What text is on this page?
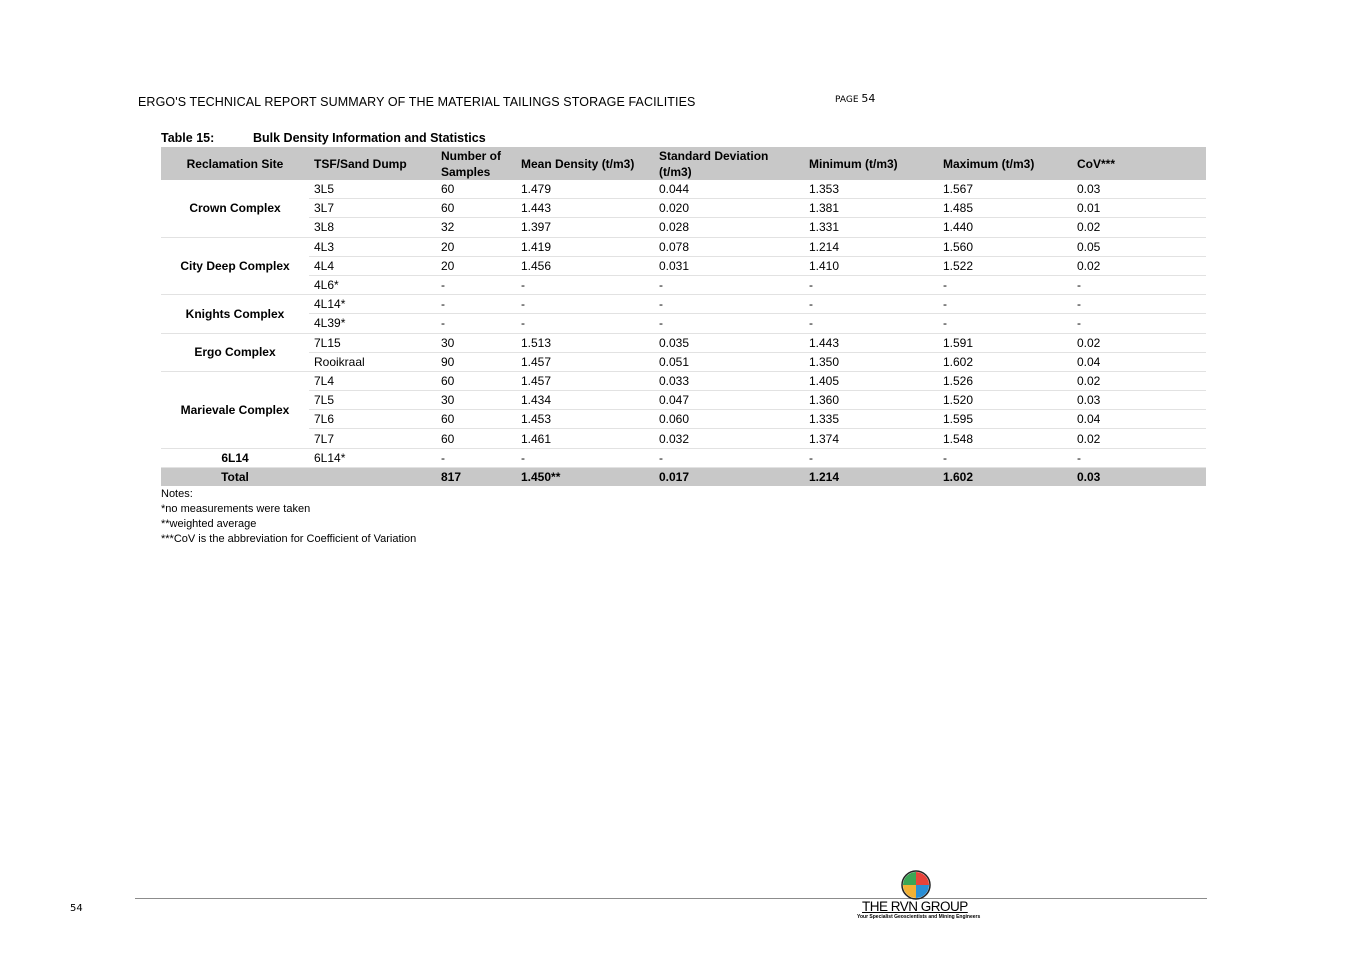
ERGO'S TECHNICAL REPORT SUMMARY OF THE MATERIAL TAILINGS STORAGE FACILITIES	PAGE 54
Table 15:	Bulk Density Information and Statistics
Reclamation Site	TSF/Sand Dump	Number of Samples	Mean Density (t/m3)	Standard Deviation (t/m3)	Minimum (t/m3)	Maximum (t/m3)	CoV***
Crown Complex	3L5	60	1.479	0.044	1.353	1.567	0.03
	3L7	60	1.443	0.020	1.381	1.485	0.01
	3L8	32	1.397	0.028	1.331	1.440	0.02
City Deep Complex	4L3	20	1.419	0.078	1.214	1.560	0.05
	4L4	20	1.456	0.031	1.410	1.522	0.02
	4L6*	-	-	-	-	-	-
Knights Complex	4L14*	-	-	-	-	-	-
	4L39*	-	-	-	-	-	-
Ergo Complex	7L15	30	1.513	0.035	1.443	1.591	0.02
	Rooikraal	90	1.457	0.051	1.350	1.602	0.04
Marievale Complex	7L4	60	1.457	0.033	1.405	1.526	0.02
	7L5	30	1.434	0.047	1.360	1.520	0.03
	7L6	60	1.453	0.060	1.335	1.595	0.04
	7L7	60	1.461	0.032	1.374	1.548	0.02
6L14	6L14*	-	-	-	-	-	-
Total		817	1.450**	0.017	1.214	1.602	0.03
Notes:
*no measurements were taken
**weighted average
***CoV is the abbreviation for Coefficient of Variation
54	THE RVN GROUP
Your Specialist Geoscientists and Mining Engineers
